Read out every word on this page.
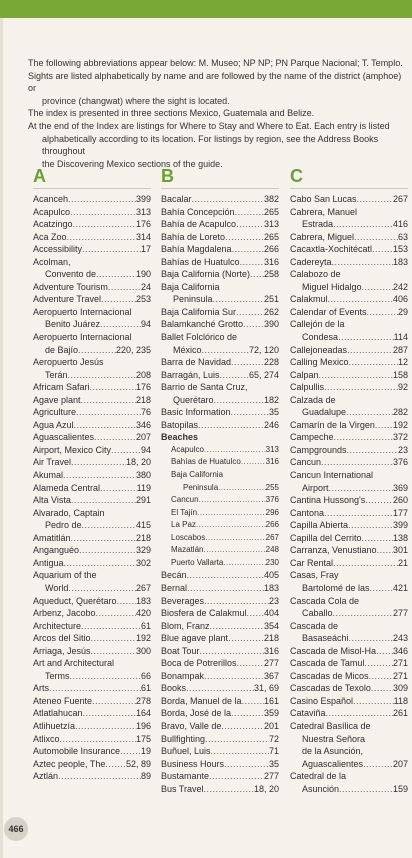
The following abbreviations appear below: M. Museo; NP NP; PN Parque Nacional; T. Templo.

Sights are listed alphabetically by name and are followed by the name of the district (amphoe) or

province (changwat) where the sight is located.

The index is presented in three sections Mexico, Guatemala and Belize.

At the end of the Index are listings for Where to Stay and Where to Eat. Each entry is listed

alphabetically according to its location. For listings by region, see the Address Books throughout

the Discovering Mexico sections of the guide.

A
Acanceh .....	399
Acapulco .....	313
Acatzingo .....	176
Aca Zoo .....	314
Accessibility .....	17
Acolman,
Convento de .....	190
Adventure Tourism .....	24
Adventure Travel .....	253
Aeropuerto Internacional
Benito Juárez .....	94
Aeropuerto Internacional
de Bajío .....	220, 235
Aeropuerto Jesús
Terán .....	208
Africam Safari .....	176
Agave plant .....	218
Agriculture .....	76
Agua Azul .....	346
Aguascalientes .....	207
Airport, Mexico City .....	94
Air Travel .....	18, 20
Akumal .....	380
Alameda Central .....	119
Alta Vista .....	291
Alvarado, Captain
Pedro de .....	415
Amatitlán .....	218
Anganguéo .....	329
Antigua .....	302
Aquarium of the
World .....	267
Aqueduct, Querétaro ..... 183
Arbenz, Jacobo .....	420
Architecture .....	61
Arcos del Sitio .....	192
Arriaga, Jesús .....	300
Art and Architectural
Terms .....	66
Arts .....	61
Ateneo Fuente .....	278
Atlatlahucan .....	164
Atlihuetzía .....	196
Atlixco .....	175
Automobile Insurance ..... 19
Aztec people, The ..... 52, 89
Aztlán .....	89
B
Bacalar .....	382
Bahía Concepción .....	265
Bahía de Acapulco .....	313
Bahía de Loreto .....	265
Bahía Magdalena .....	266
Bahías de Huatulco .....	316
Baja California (Norte) ..... 258
Baja California
Peninsula .....	251
Baja California Sur .....	262
Balamkanché Grotto ..... 390
Ballet Folclórico de
México .....	72, 120
Barra de Navidad .....	228
Barragán, Luis .....	65, 274
Barrio de Santa Cruz,
Querétaro .....	182
Basic Information .....	35
Batopilas .....	246
Beaches
Acapulco .....	313
Bahías de Huatulco .....	316
Baja California
Peninsula .....	255
Cancun .....	376
El Tajín .....	296
La Paz .....	266
Loscabos .....	267
Mazatlán .....	248
Puerto Vallarta .....	230
Becán .....	405
Bernal .....	183
Beverages .....	23
Biosfera de Calakmul ..... 404
Blom, Franz .....	354
Blue agave plant .....	218
Boat Tour .....	316
Boca de Potrerillos .....	277
Bonampak .....	367
Books .....	31, 69
Borda, Manuel de la ..... 161
Borda, José de la .....	359
Bravo, Valle de .....	201
Bullfighting .....	72
Buñuel, Luis .....	71
Business Hours .....	35
Bustamante .....	277
Bus Travel .....	18, 20
C
Cabo San Lucas .....	267
Cabrera, Manuel
Estrada .....	416
Cabrera, Miguel .....	63
Cacaxtla-Xochitécatl ..... 153
Cadereyta .....	183
Calabozo de
Miguel Hidalgo .....	242
Calakmul .....	406
Calendar of Events .....	29
Callejón de la
Condesa .....	114
Callejoneadas .....	287
Calling Mexico .....	12
Calpan .....	158
Calpullis .....	92
Calzada de
Guadalupe .....	282
Camarín de la Virgen ..... 192
Campeche .....	372
Campgrounds .....	23
Cancun .....	376
Cancun International
Airport .....	369
Cantina Hussong's .....	260
Cantona .....	177
Capilla Abierta .....	399
Capilla del Cerrito .....	138
Carranza, Venustiano ..... 301
Car Rental .....	21
Casas, Fray
Bartolomé de las .....	421
Cascada Cola de
Caballo .....	277
Cascada de
Basaseáchi .....	243
Cascada de Misol-Ha ..... 346
Cascada de Tamul .....	271
Cascadas de Micos .....	271
Cascadas de Texolo ..... 309
Casino Español .....	118
Cataviña .....	261
Catedral Basílica de
Nuestra Señora
de la Asunción,
Aguascalientes .....	207
Catedral de la
Asunción .....	159
466
